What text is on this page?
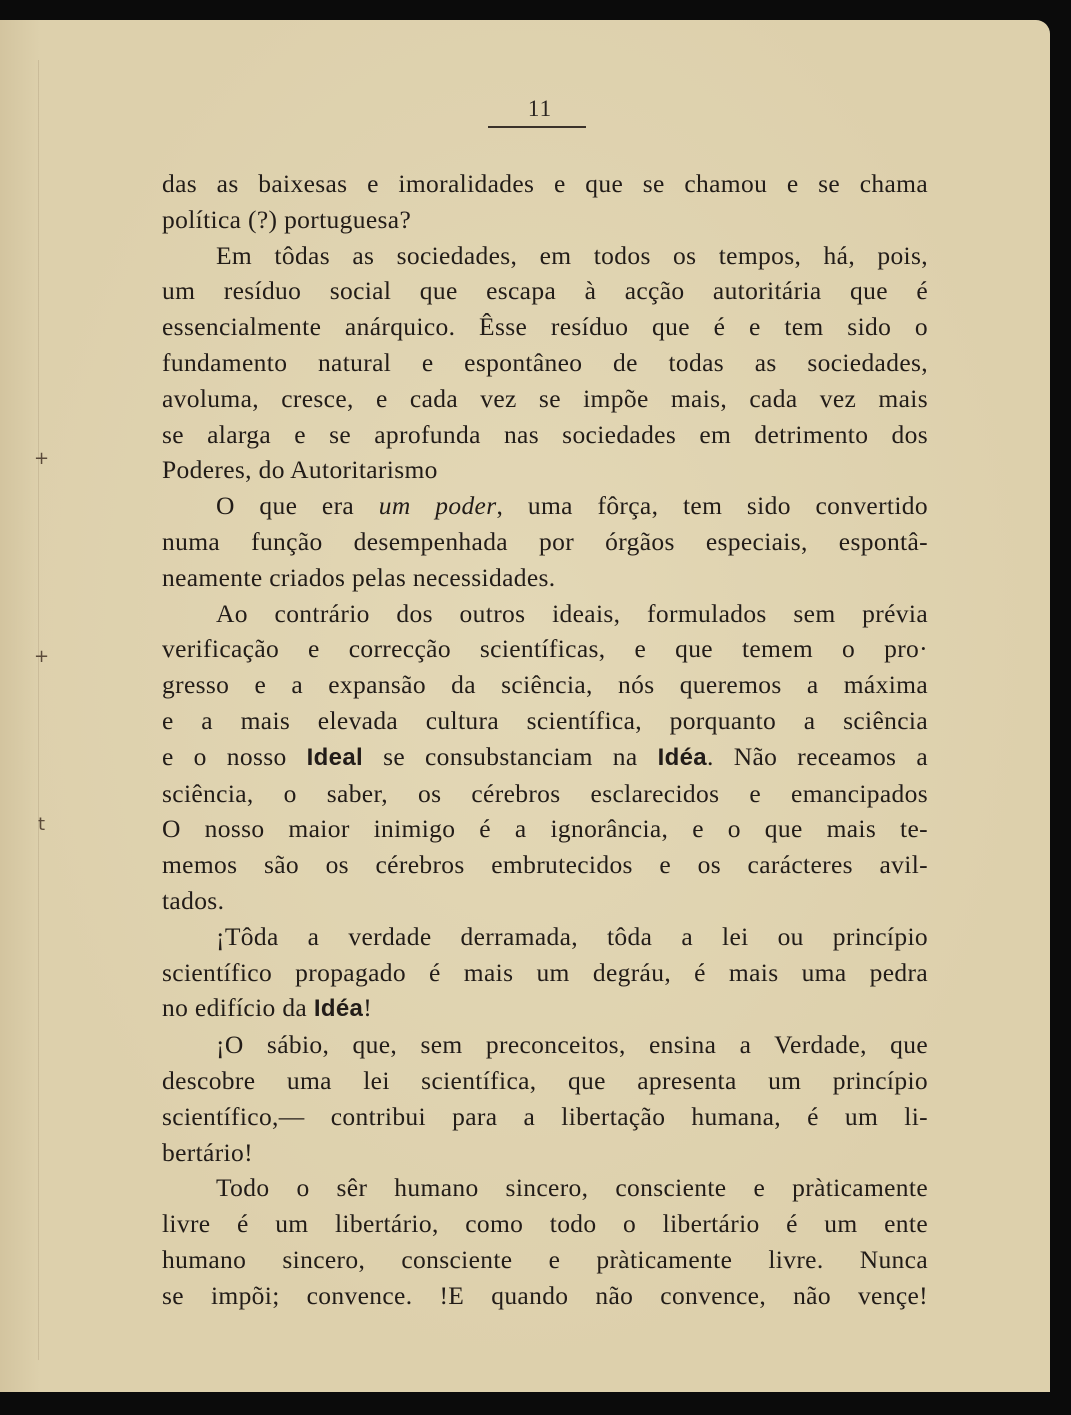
+
+
t
11
das as baixesas e imoralidades e que se chamou e se chama
política (?) portuguesa?
Em tôdas as sociedades, em todos os tempos, há, pois,
um resíduo social que escapa à acção autoritária que é
essencialmente anárquico. Êsse resíduo que é e tem sido o
fundamento natural e espontâneo de todas as sociedades,
avoluma, cresce, e cada vez se impõe mais, cada vez mais
se alarga e se aprofunda nas sociedades em detrimento dos
Poderes, do Autoritarismo
O que era um poder, uma fôrça, tem sido convertido
numa função desempenhada por órgãos especiais, espontâ-
neamente criados pelas necessidades.
Ao contrário dos outros ideais, formulados sem prévia
verificação e correcção scientíficas, e que temem o pro·
gresso e a expansão da sciência, nós queremos a máxima
e a mais elevada cultura scientífica, porquanto a sciência
e o nosso Ideal se consubstanciam na Idéa. Não receamos a
sciência, o saber, os cérebros esclarecidos e emancipados
O nosso maior inimigo é a ignorância, e o que mais te-
memos são os cérebros embrutecidos e os carácteres avil-
tados.
¡Tôda a verdade derramada, tôda a lei ou princípio
scientífico propagado é mais um degráu, é mais uma pedra
no edifício da Idéa!
¡O sábio, que, sem preconceitos, ensina a Verdade, que
descobre uma lei scientífica, que apresenta um princípio
scientífico,— contribui para a libertação humana, é um li-
bertário!
Todo o sêr humano sincero, consciente e pràticamente
livre é um libertário, como todo o libertário é um ente
humano sincero, consciente e pràticamente livre. Nunca
se impõi; convence. !E quando não convence, não vençe!
